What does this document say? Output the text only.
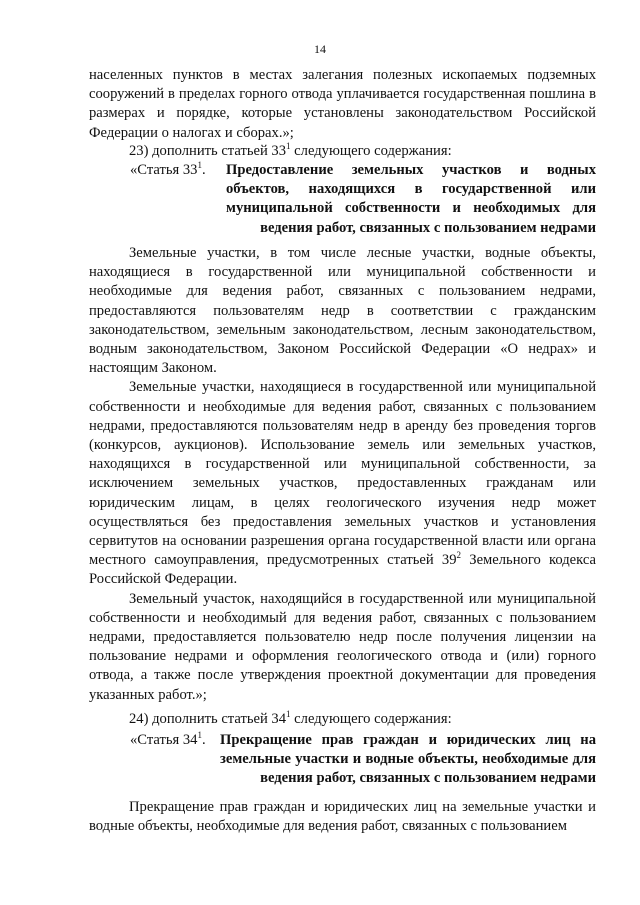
14

населенных пунктов в местах залегания полезных ископаемых подземных сооружений в пределах горного отвода уплачивается государственная пошлина в размерах и порядке, которые установлены законодательством Российской Федерации о налогах и сборах.»;

23) дополнить статьей $33^1$ следующего содержания:

«Статья $33^1$. Предоставление земельных участков и водных объектов, находящихся в государственной или муниципальной собственности и необходимых для ведения работ, связанных с пользованием недрами

Земельные участки, в том числе лесные участки, водные объекты, находящиеся в государственной или муниципальной собственности и необходимые для ведения работ, связанных с пользованием недрами, предоставляются пользователям недр в соответствии с гражданским законодательством, земельным законодательством, лесным законодательством, водным законодательством, Законом Российской Федерации «О недрах» и настоящим Законом.

Земельные участки, находящиеся в государственной или муниципальной собственности и необходимые для ведения работ, связанных с пользованием недрами, предоставляются пользователям недр в аренду без проведения торгов (конкурсов, аукционов). Использование земель или земельных участков, находящихся в государственной или муниципальной собственности, за исключением земельных участков, предоставленных гражданам или юридическим лицам, в целях геологического изучения недр может осуществляться без предоставления земельных участков и установления сервитутов на основании разрешения органа государственной власти или органа местного самоуправления, предусмотренных статьей $39^2$ Земельного кодекса Российской Федерации.

Земельный участок, находящийся в государственной или муниципальной собственности и необходимый для ведения работ, связанных с пользованием недрами, предоставляется пользователю недр после получения лицензии на пользование недрами и оформления геологического отвода и (или) горного отвода, а также после утверждения проектной документации для проведения указанных работ.»;

24) дополнить статьей $34^1$ следующего содержания:

«Статья $34^1$. Прекращение прав граждан и юридических лиц на земельные участки и водные объекты, необходимые для ведения работ, связанных с пользованием недрами

Прекращение прав граждан и юридических лиц на земельные участки и водные объекты, необходимые для ведения работ, связанных с пользованием
